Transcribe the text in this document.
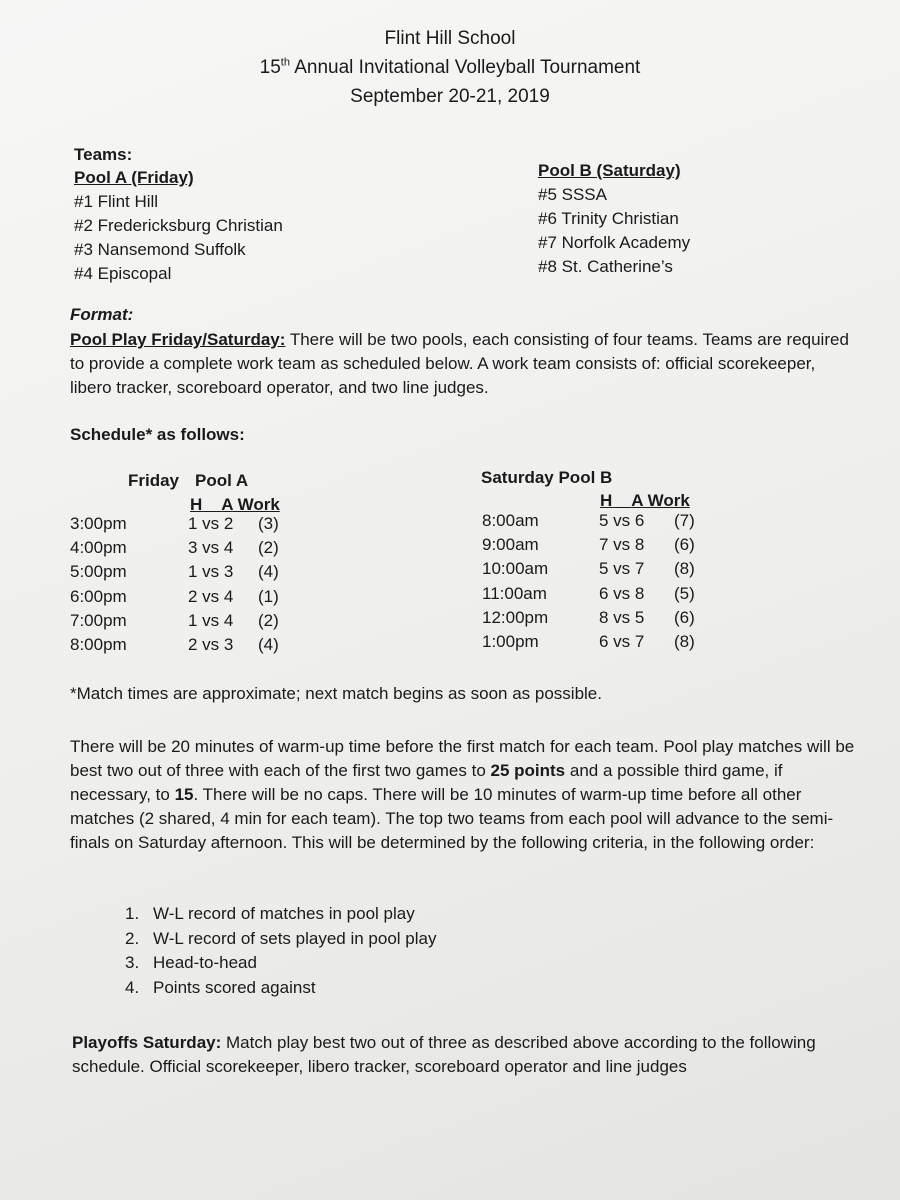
Flint Hill School
15th Annual Invitational Volleyball Tournament
September 20-21, 2019
Teams:
Pool A (Friday)
#1 Flint Hill
#2 Fredericksburg Christian
#3 Nansemond Suffolk
#4 Episcopal
Pool B (Saturday)
#5 SSSA
#6 Trinity Christian
#7 Norfolk Academy
#8 St. Catherine’s
Format:
Pool Play Friday/Saturday: There will be two pools, each consisting of four teams. Teams are required to provide a complete work team as scheduled below. A work team consists of: official scorekeeper, libero tracker, scoreboard operator, and two line judges.
Schedule* as follows:
Friday Pool A
H A Work
3:00pm	1 vs 2 (3)
4:00pm	3 vs 4 (2)
5:00pm	1 vs 3 (4)
6:00pm	2 vs 4 (1)
7:00pm	1 vs 4 (2)
8:00pm	2 vs 3 (4)
Saturday Pool B
H A Work
8:00am	5 vs 6 (7)
9:00am	7 vs 8 (6)
10:00am	5 vs 7 (8)
11:00am	6 vs 8 (5)
12:00pm	8 vs 5 (6)
1:00pm	6 vs 7 (8)
*Match times are approximate; next match begins as soon as possible.
There will be 20 minutes of warm-up time before the first match for each team. Pool play matches will be best two out of three with each of the first two games to 25 points and a possible third game, if necessary, to 15. There will be no caps. There will be 10 minutes of warm-up time before all other matches (2 shared, 4 min for each team). The top two teams from each pool will advance to the semi-finals on Saturday afternoon. This will be determined by the following criteria, in the following order:
1. W-L record of matches in pool play
2. W-L record of sets played in pool play
3. Head-to-head
4. Points scored against
Playoffs Saturday: Match play best two out of three as described above according to the following schedule. Official scorekeeper, libero tracker, scoreboard operator and line judges
